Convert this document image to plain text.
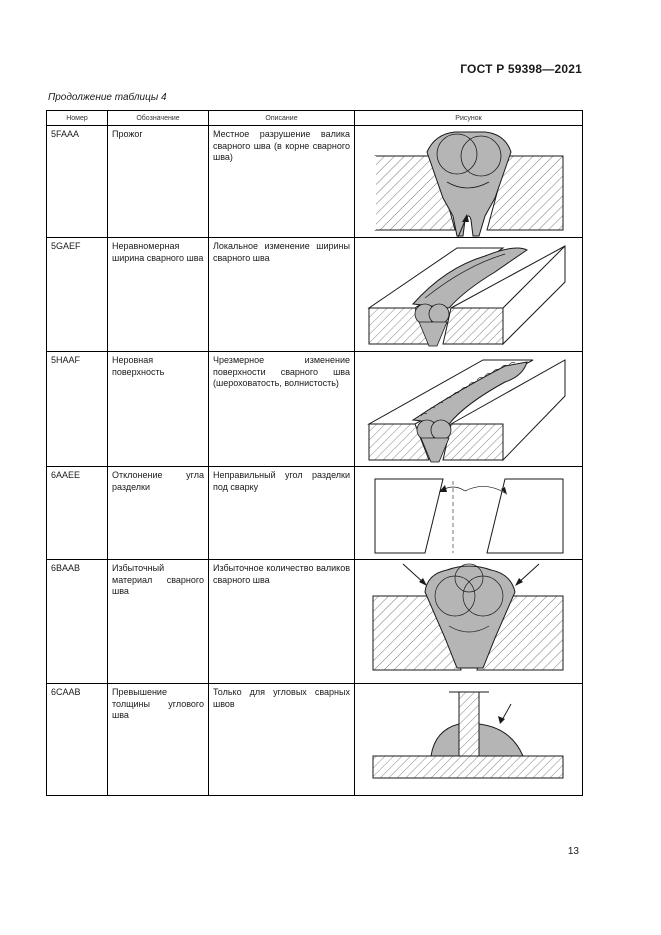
ГОСТ Р 59398—2021
Продолжение таблицы 4
Номер	Обозначение	Описание	Рисунок

5FAAA	Прожог	Местное разрушение валика сварного шва (в корне сварного шва)

5GAEF	Неравномерная ширина сварного шва	Локальное изменение ширины сварного шва

5HAAF	Неровная поверхность	Чрезмерное изменение поверхности сварного шва (шероховатость, волнистость)

6AAEE	Отклонение угла разделки	Неправильный угол разделки под сварку

6BAAB	Избыточный материал сварного шва	Избыточное количество валиков сварного шва

6CAAB	Превышение толщины углового шва	Только для угловых сварных швов

13
